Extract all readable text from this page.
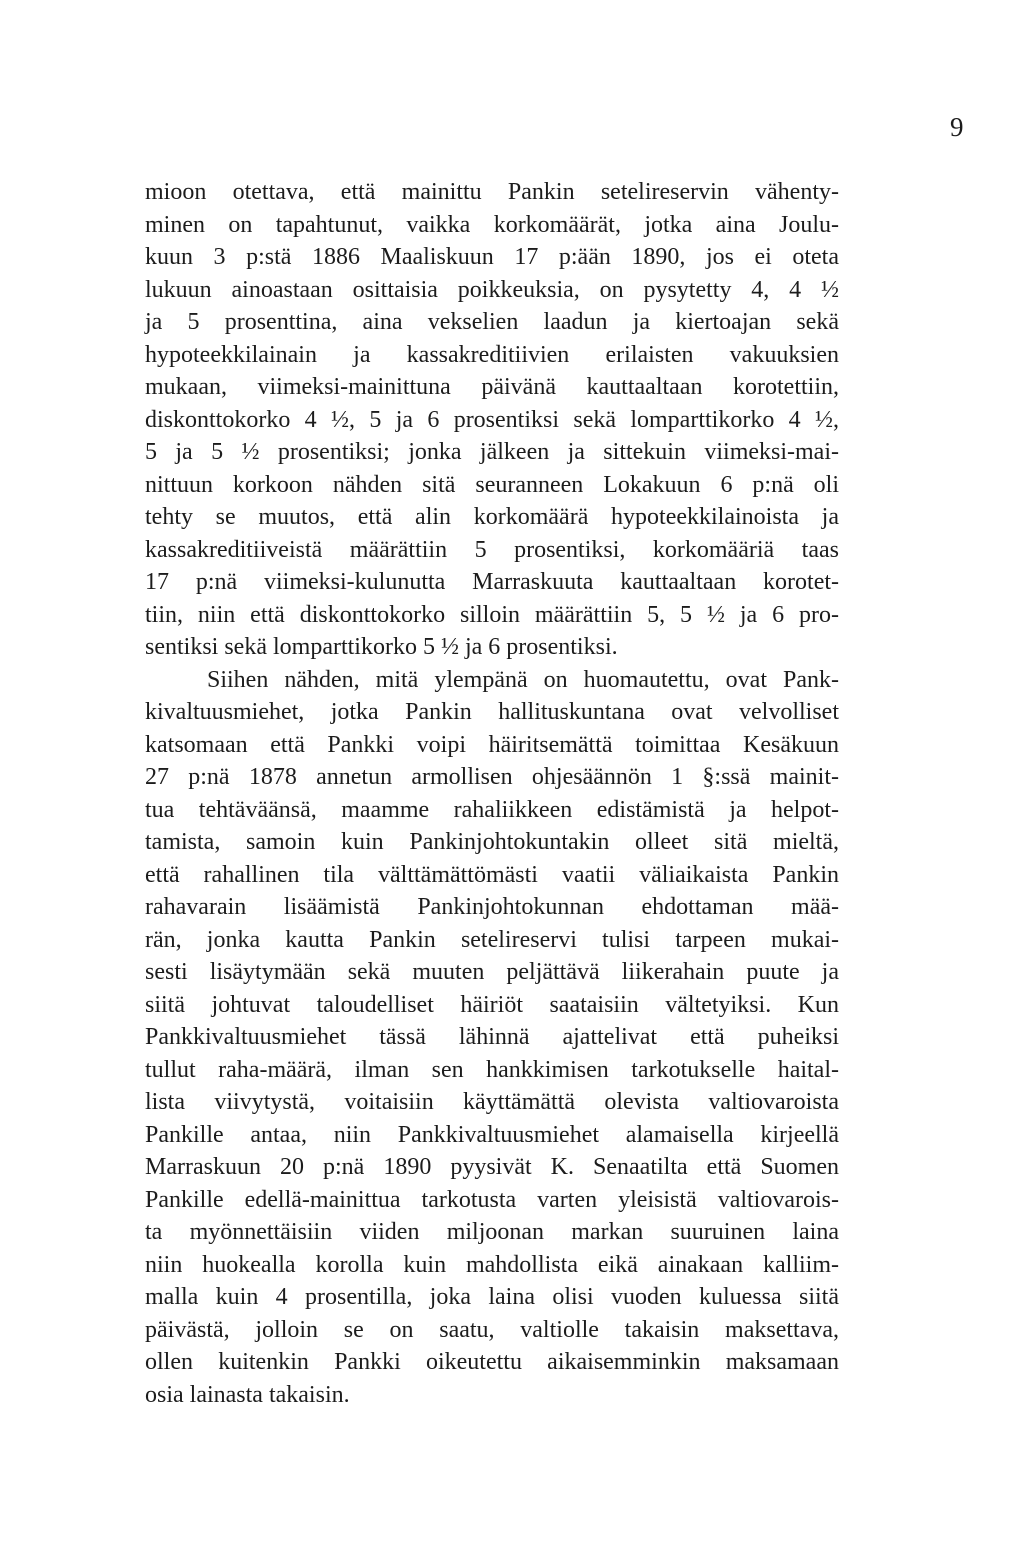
9
mioon otettava, että mainittu Pankin setelireservin vähenty-
minen on tapahtunut, vaikka korkomäärät, jotka aina Joulu-
kuun 3 p:stä 1886 Maaliskuun 17 p:ään 1890, jos ei oteta
lukuun ainoastaan osittaisia poikkeuksia, on pysytetty 4, 4 ½
ja 5 prosenttina, aina vekselien laadun ja kiertoajan sekä
hypoteekkilainain ja kassakreditiivien erilaisten vakuuksien
mukaan, viimeksi-mainittuna päivänä kauttaaltaan korotettiin,
diskonttokorko 4 ½, 5 ja 6 prosentiksi sekä lomparttikorko 4 ½,
5 ja 5 ½ prosentiksi; jonka jälkeen ja sittekuin viimeksi-mai-
nittuun korkoon nähden sitä seuranneen Lokakuun 6 p:nä oli
tehty se muutos, että alin korkomäärä hypoteekkilainoista ja
kassakreditiiveistä määrättiin 5 prosentiksi, korkomääriä taas
17 p:nä viimeksi-kulunutta Marraskuuta kauttaaltaan korotet-
tiin, niin että diskonttokorko silloin määrättiin 5, 5 ½ ja 6 pro-
sentiksi sekä lomparttikorko 5 ½ ja 6 prosentiksi.
Siihen nähden, mitä ylempänä on huomautettu, ovat Pank-
kivaltuusmiehet, jotka Pankin hallituskuntana ovat velvolliset
katsomaan että Pankki voipi häiritsemättä toimittaa Kesäkuun
27 p:nä 1878 annetun armollisen ohjesäännön 1 §:ssä mainit-
tua tehtäväänsä, maamme rahaliikkeen edistämistä ja helpot-
tamista, samoin kuin Pankinjohtokuntakin olleet sitä mieltä,
että rahallinen tila välttämättömästi vaatii väliaikaista Pankin
rahavarain lisäämistä Pankinjohtokunnan ehdottaman mää-
rän, jonka kautta Pankin setelireservi tulisi tarpeen mukai-
sesti lisäytymään sekä muuten peljättävä liikerahain puute ja
siitä johtuvat taloudelliset häiriöt saataisiin vältetyiksi. Kun
Pankkivaltuusmiehet tässä lähinnä ajattelivat että puheiksi
tullut raha-määrä, ilman sen hankkimisen tarkotukselle haital-
lista viivytystä, voitaisiin käyttämättä olevista valtiovaroista
Pankille antaa, niin Pankkivaltuusmiehet alamaisella kirjeellä
Marraskuun 20 p:nä 1890 pyysivät K. Senaatilta että Suomen
Pankille edellä-mainittua tarkotusta varten yleisistä valtiovarois-
ta myönnettäisiin viiden miljoonan markan suuruinen laina
niin huokealla korolla kuin mahdollista eikä ainakaan kalliim-
malla kuin 4 prosentilla, joka laina olisi vuoden kuluessa siitä
päivästä, jolloin se on saatu, valtiolle takaisin maksettava,
ollen kuitenkin Pankki oikeutettu aikaisemminkin maksamaan
osia lainasta takaisin.
